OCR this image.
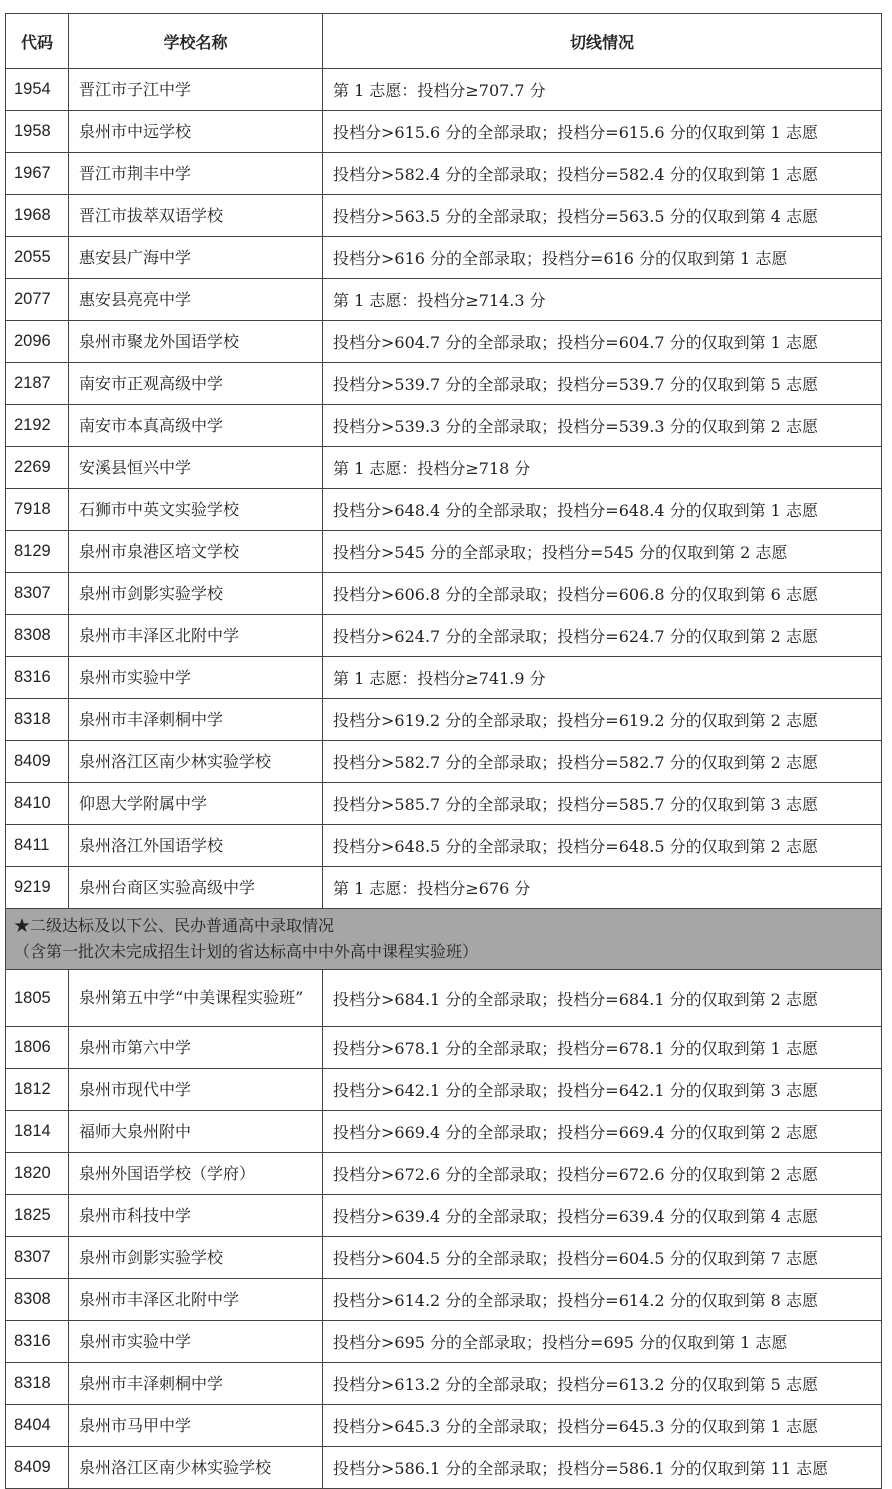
代码	学校名称	切线情况
1954	晋江市子江中学	第 1 志愿：投档分≥707.7 分
1958	泉州市中远学校	投档分>615.6 分的全部录取；投档分=615.6 分的仅取到第 1 志愿
1967	晋江市荆丰中学	投档分>582.4 分的全部录取；投档分=582.4 分的仅取到第 1 志愿
1968	晋江市拔萃双语学校	投档分>563.5 分的全部录取；投档分=563.5 分的仅取到第 4 志愿
2055	惠安县广海中学	投档分>616 分的全部录取；投档分=616 分的仅取到第 1 志愿
2077	惠安县亮亮中学	第 1 志愿：投档分≥714.3 分
2096	泉州市聚龙外国语学校	投档分>604.7 分的全部录取；投档分=604.7 分的仅取到第 1 志愿
2187	南安市正观高级中学	投档分>539.7 分的全部录取；投档分=539.7 分的仅取到第 5 志愿
2192	南安市本真高级中学	投档分>539.3 分的全部录取；投档分=539.3 分的仅取到第 2 志愿
2269	安溪县恒兴中学	第 1 志愿：投档分≥718 分
7918	石狮市中英文实验学校	投档分>648.4 分的全部录取；投档分=648.4 分的仅取到第 1 志愿
8129	泉州市泉港区培文学校	投档分>545 分的全部录取；投档分=545 分的仅取到第 2 志愿
8307	泉州市剑影实验学校	投档分>606.8 分的全部录取；投档分=606.8 分的仅取到第 6 志愿
8308	泉州市丰泽区北附中学	投档分>624.7 分的全部录取；投档分=624.7 分的仅取到第 2 志愿
8316	泉州市实验中学	第 1 志愿：投档分≥741.9 分
8318	泉州市丰泽刺桐中学	投档分>619.2 分的全部录取；投档分=619.2 分的仅取到第 2 志愿
8409	泉州洛江区南少林实验学校	投档分>582.7 分的全部录取；投档分=582.7 分的仅取到第 2 志愿
8410	仰恩大学附属中学	投档分>585.7 分的全部录取；投档分=585.7 分的仅取到第 3 志愿
8411	泉州洛江外国语学校	投档分>648.5 分的全部录取；投档分=648.5 分的仅取到第 2 志愿
9219	泉州台商区实验高级中学	第 1 志愿：投档分≥676 分

★二级达标及以下公、民办普通高中录取情况
（含第一批次未完成招生计划的省达标高中中外高中课程实验班）		

1805	泉州第五中学“中美课程实验班”	投档分>684.1 分的全部录取；投档分=684.1 分的仅取到第 2 志愿
1806	泉州市第六中学	投档分>678.1 分的全部录取；投档分=678.1 分的仅取到第 1 志愿
1812	泉州市现代中学	投档分>642.1 分的全部录取；投档分=642.1 分的仅取到第 3 志愿
1814	福师大泉州附中	投档分>669.4 分的全部录取；投档分=669.4 分的仅取到第 2 志愿
1820	泉州外国语学校（学府）	投档分>672.6 分的全部录取；投档分=672.6 分的仅取到第 2 志愿
1825	泉州市科技中学	投档分>639.4 分的全部录取；投档分=639.4 分的仅取到第 4 志愿
8307	泉州市剑影实验学校	投档分>604.5 分的全部录取；投档分=604.5 分的仅取到第 7 志愿
8308	泉州市丰泽区北附中学	投档分>614.2 分的全部录取；投档分=614.2 分的仅取到第 8 志愿
8316	泉州市实验中学	投档分>695 分的全部录取；投档分=695 分的仅取到第 1 志愿
8318	泉州市丰泽刺桐中学	投档分>613.2 分的全部录取；投档分=613.2 分的仅取到第 5 志愿
8404	泉州市马甲中学	投档分>645.3 分的全部录取；投档分=645.3 分的仅取到第 1 志愿
8409	泉州洛江区南少林实验学校	投档分>586.1 分的全部录取；投档分=586.1 分的仅取到第 11 志愿
